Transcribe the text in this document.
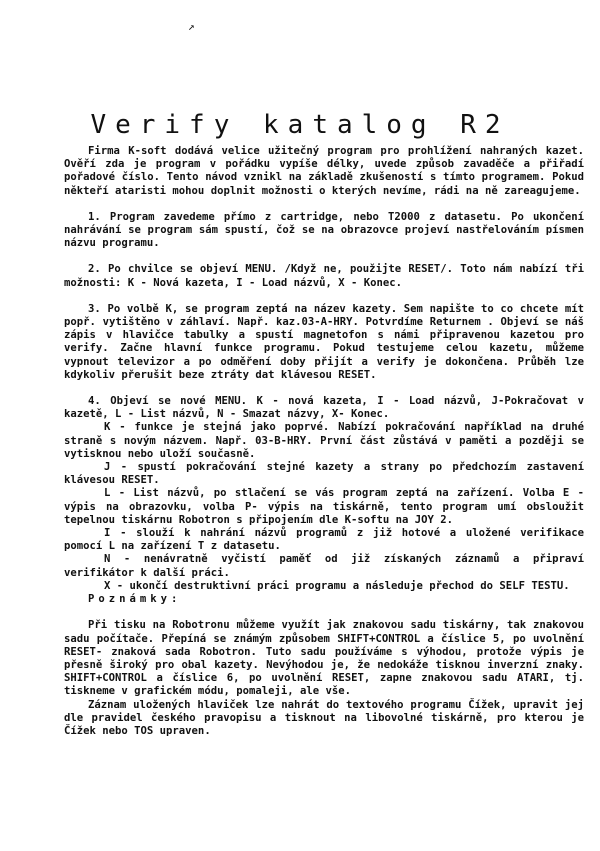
↗
Verify katalog R2

Firma K-soft dodává velice užitečný program pro prohlížení nahraných kazet. Ověří zda je program v pořádku vypíše délky, uvede způsob zavaděče a přiřadí pořadové číslo. Tento návod vznikl na základě zkušeností s tímto programem. Pokud někteří ataristi mohou doplnit možnosti o kterých nevíme, rádi na ně zareagujeme.

1. Program zavedeme přímo z cartridge, nebo T2000 z datasetu. Po ukončení nahrávání se program sám spustí, čož se na obrazovce projeví nastřelováním písmen názvu programu.

2. Po chvilce se objeví MENU. /Když ne, použijte RESET/. Toto nám nabízí tři možnosti: K - Nová kazeta, I - Load názvů, X - Konec.

3. Po volbě K, se program zeptá na název kazety. Sem napište to co chcete mít popř. vytištěno v záhlaví. Např. kaz.03-A-HRY. Potvrdíme Returnem . Objeví se náš zápis v hlavičce tabulky a spustí magnetofon s námi připravenou kazetou pro verify. Začne hlavní funkce programu. Pokud testujeme celou kazetu, můžeme vypnout televizor a po odměření doby přijít a verify je dokončena. Průběh lze kdykoliv přerušit beze ztráty dat klávesou RESET.

4. Objeví se nové MENU. K - nová kazeta, I - Load názvů, J-Pokračovat v kazetě, L - List názvů, N - Smazat názvy, X- Konec.

K - funkce je stejná jako poprvé. Nabízí pokračování například na druhé straně s novým názvem. Např. 03-B-HRY. První část zůstává v paměti a později se vytisknou nebo uloží současně.

J - spustí pokračování stejné kazety a strany po předchozím zastavení klávesou RESET.

L - List názvů, po stlačení se vás program zeptá na zařízení. Volba E - výpis na obrazovku, volba P- výpis na tiskárně, tento program umí obsloužit tepelnou tiskárnu Robotron s připojením dle K-softu na JOY 2.

I - slouží k nahrání názvů programů z již hotové a uložené verifikace pomocí L na zařízení T z datasetu.

N - nenávratně vyčistí paměť od již získaných záznamů a připraví verifikátor k další práci.

X - ukončí destruktivní práci programu a následuje přechod do SELF TESTU.

Poznámky:

Při tisku na Robotronu můžeme využít jak znakovou sadu tiskárny, tak znakovou sadu počítače. Přepíná se známým způsobem SHIFT+CONTROL a číslice 5, po uvolnění RESET- znaková sada Robotron. Tuto sadu používáme s výhodou, protože výpis je přesně široký pro obal kazety. Nevýhodou je, že nedokáže tisknou inverzní znaky. SHIFT+CONTROL a číslice 6, po uvolnění RESET, zapne znakovou sadu ATARI, tj. tiskneme v grafickém módu, pomaleji, ale vše.

Záznam uložených hlaviček lze nahrát do textového programu Čížek, upravit jej dle pravidel českého pravopisu a tisknout na libovolné tiskárně, pro kterou je Čížek nebo TOS upraven.
